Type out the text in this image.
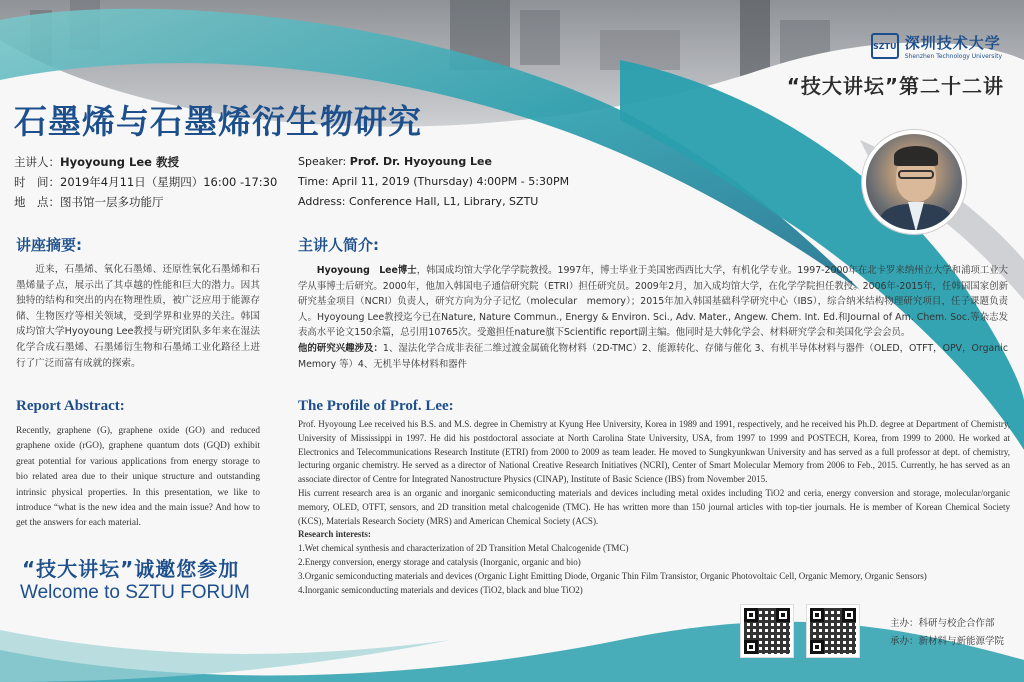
SZTU 深圳技术大学
Shenzhen Technology University
“技大讲坛”第二十二讲
石墨烯与石墨烯衍生物研究
主讲人：Hyoyoung Lee 教授
时　间：2019年4月11日（星期四）16:00 -17:30
地　点：图书馆一层多功能厅
Speaker: Prof. Dr. Hyoyoung Lee
Time: April 11, 2019 (Thursday) 4:00PM - 5:30PM
Address: Conference Hall, L1, Library, SZTU
讲座摘要:
近来，石墨烯、氧化石墨烯、还原性氧化石墨烯和石墨烯量子点，展示出了其卓越的性能和巨大的潜力。因其独特的结构和突出的内在物理性质，被广泛应用于能源存储、生物医疗等相关领域，受到学界和业界的关注。韩国成均馆大学Hyoyoung Lee教授与研究团队多年来在湿法化学合成石墨烯、石墨烯衍生物和石墨烯工业化路径上进行了广泛而富有成就的探索。
主讲人简介:
Hyoyoung　Lee博士，韩国成均馆大学化学学院教授。1997年，博士毕业于美国密西西比大学，有机化学专业。1997-2000年在北卡罗来纳州立大学和浦项工业大学从事博士后研究。2000年，他加入韩国电子通信研究院（ETRI）担任研究员。2009年2月，加入成均馆大学，在化学学院担任教授。2006年-2015年，任韩国国家创新研究基金项目（NCRI）负责人，研究方向为分子记忆（molecular　memory）；2015年加入韩国基础科学研究中心（IBS），综合纳米结构物理研究项目，任子课题负责人。Hyoyoung Lee教授迄今已在Nature, Nature Commun., Energy & Environ. Sci., Adv. Mater., Angew. Chem. Int. Ed.和Journal of Am. Chem. Soc.等杂志发表高水平论文150余篇，总引用10765次。受邀担任nature旗下Scientific report副主编。他同时是大韩化学会、材料研究学会和美国化学会会员。
他的研究兴趣涉及：1、湿法化学合成非表征二维过渡金属硫化物材料（2D-TMC）2、能源转化、存储与催化 3、有机半导体材料与器件（OLED，OTFT，OPV，Organic Memory 等）4、无机半导体材料和器件
Report Abstract:
Recently, graphene (G), graphene oxide (GO) and reduced graphene oxide (rGO), graphene quantum dots (GQD) exhibit great potential for various applications from energy storage to bio related area due to their unique structure and outstanding intrinsic physical properties. In this presentation, we like to introduce “what is the new idea and the main issue? And how to get the answers for each material.
The Profile of Prof. Lee:
Prof. Hyoyoung Lee received his B.S. and M.S. degree in Chemistry at Kyung Hee University, Korea in 1989 and 1991, respectively, and he received his Ph.D. degree at Department of Chemistry, University of Mississippi in 1997. He did his postdoctoral associate at North Carolina State University, USA, from 1997 to 1999 and POSTECH, Korea, from 1999 to 2000. He worked at Electronics and Telecommunications Research Institute (ETRI) from 2000 to 2009 as team leader. He moved to Sungkyunkwan University and has served as a full professor at dept. of chemistry, lecturing organic chemistry. He served as a director of National Creative Research Initiatives (NCRI), Center of Smart Molecular Memory from 2006 to Feb., 2015. Currently, he has served as an associate director of Centre for Integrated Nanostructure Physics (CINAP), Institute of Basic Science (IBS) from November 2015.
His current research area is an organic and inorganic semiconducting materials and devices including metal oxides including TiO2 and ceria, energy conversion and storage, molecular/organic memory, OLED, OTFT, sensors, and 2D transition metal chalcogenide (TMC). He has written more than 150 journal articles with top-tier journals. He is member of Korean Chemical Society (KCS), Materials Research Society (MRS) and American Chemical Society (ACS).
Research interests:
1.Wet chemical synthesis and characterization of 2D Transition Metal Chalcogenide (TMC)
2.Energy conversion, energy storage and catalysis (Inorganic, organic and bio)
3.Organic semiconducting materials and devices (Organic Light Emitting Diode, Organic Thin Film Transistor, Organic Photovoltaic Cell, Organic Memory, Organic Sensors)
4.Inorganic semiconducting materials and devices (TiO2, black and blue TiO2)
“技大讲坛”诚邀您参加
Welcome to SZTU FORUM
主办：科研与校企合作部
承办：新材料与新能源学院
